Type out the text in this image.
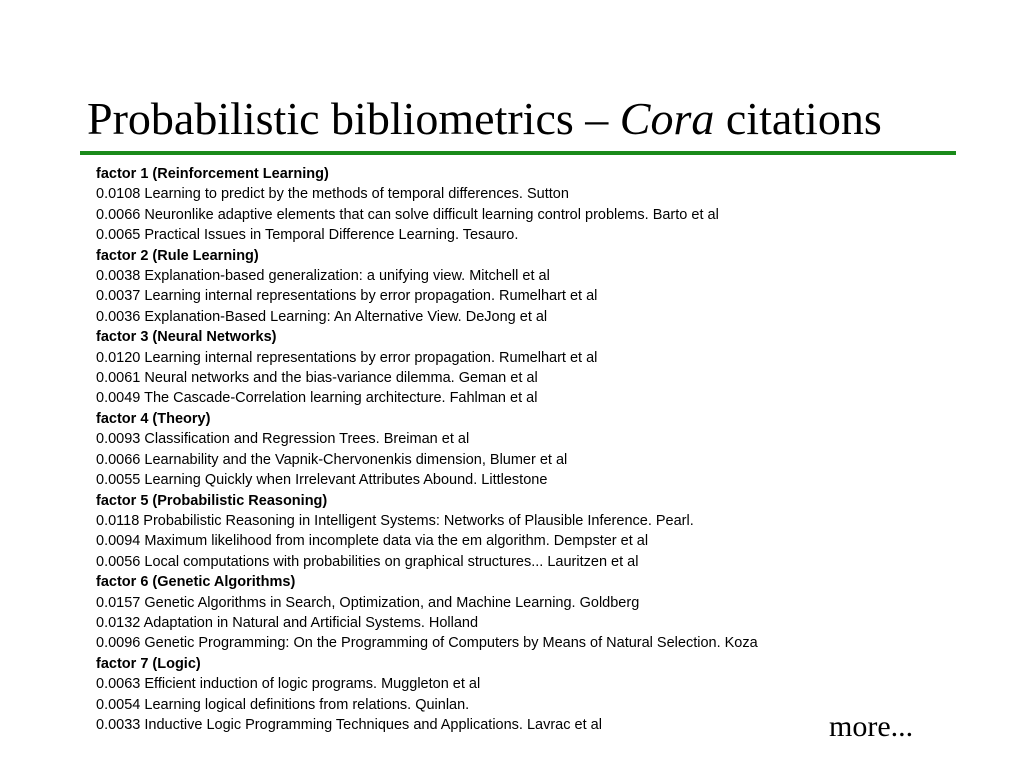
Probabilistic bibliometrics – Cora citations
factor 1 (Reinforcement Learning)
0.0108 Learning to predict by the methods of temporal differences. Sutton
0.0066 Neuronlike adaptive elements that can solve difficult learning control problems. Barto et al
0.0065 Practical Issues in Temporal Difference Learning. Tesauro.
factor 2 (Rule Learning)
0.0038 Explanation-based generalization: a unifying view. Mitchell et al
0.0037 Learning internal representations by error propagation. Rumelhart et al
0.0036 Explanation-Based Learning: An Alternative View. DeJong et al
factor 3 (Neural Networks)
0.0120 Learning internal representations by error propagation. Rumelhart et al
0.0061 Neural networks and the bias-variance dilemma. Geman et al
0.0049 The Cascade-Correlation learning architecture. Fahlman et al
factor 4 (Theory)
0.0093 Classification and Regression Trees. Breiman et al
0.0066 Learnability and the Vapnik-Chervonenkis dimension, Blumer et al
0.0055 Learning Quickly when Irrelevant Attributes Abound. Littlestone
factor 5 (Probabilistic Reasoning)
0.0118 Probabilistic Reasoning in Intelligent Systems: Networks of Plausible Inference. Pearl.
0.0094 Maximum likelihood from incomplete data via the em algorithm. Dempster et al
0.0056 Local computations with probabilities on graphical structures... Lauritzen et al
factor 6 (Genetic Algorithms)
0.0157 Genetic Algorithms in Search, Optimization, and Machine Learning. Goldberg
0.0132 Adaptation in Natural and Artificial Systems. Holland
0.0096 Genetic Programming: On the Programming of Computers by Means of Natural Selection. Koza
factor 7 (Logic)
0.0063 Efficient induction of logic programs. Muggleton et al
0.0054 Learning logical definitions from relations. Quinlan.
0.0033 Inductive Logic Programming Techniques and Applications. Lavrac et al	more...
